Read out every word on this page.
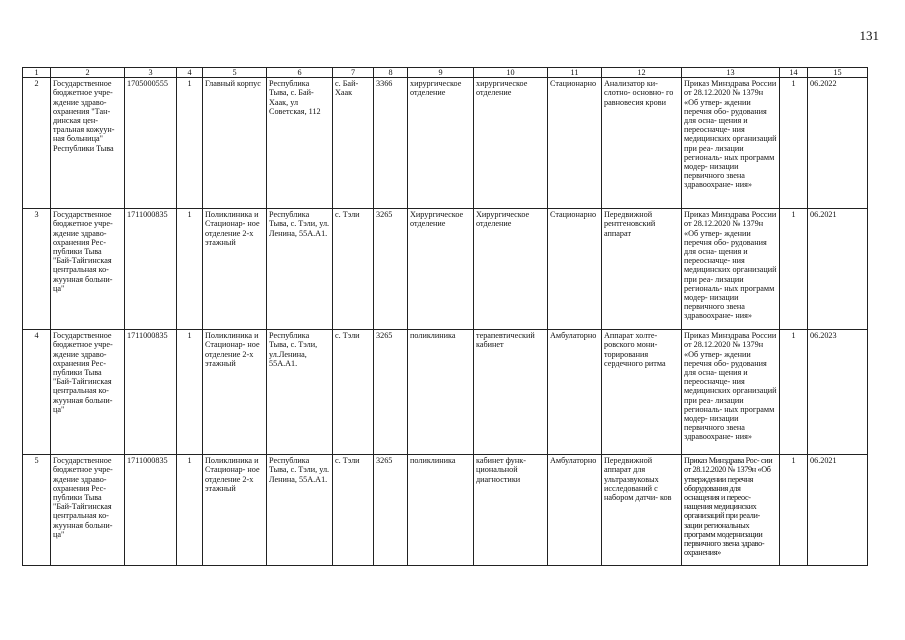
131
1	2	3	4	5	6	7	8	9	10	11	12	13	14	15
2	Государственное бюджетное учре- ждение здраво- охранения "Тан- динская цен- тральная кожуун- ная больница" Республики Тыва	1705000555	1	Главный корпус	Республика Тыва, с. Бай-Хаак, ул Советская, 112	с. Бай-Хаак	3366	хирургическое отделение	хирургическое отделение	Стационарно	Анализатор ки- слотно- основно- го равновесия крови	Приказ Минздрава России от 28.12.2020 № 1379н «Об утвер- ждении перечня обо- рудования для осна- щения и переосначце- ния медицинских организаций при реа- лизации региональ- ных программ модер- низации первичного звена здравоохране- ния»	1	06.2022
3	Государственное бюджетное учре- ждение здраво- охранения Рес- публики Тыва "Бай-Тайгинская центральная ко- жуунная больни- ца"	1711000835	1	Поликлиника и Стационар- ное отделение 2-х этажный	Республика Тыва, с. Тэли, ул. Ленина, 55А.А1.	с. Тэли	3265	Хирургическое отделение	Хирургическое отделение	Стационарно	Передвижной рентгеновский аппарат	Приказ Минздрава России от 28.12.2020 № 1379н «Об утвер- ждении перечня обо- рудования для осна- щения и переосначце- ния медицинских организаций при реа- лизации региональ- ных программ модер- низации первичного звена здравоохране- ния»	1	06.2021
4	Государственное бюджетное учре- ждение здраво- охранения Рес- публики Тыва "Бай-Тайгинская центральная ко- жуунная больни- ца"	1711000835	1	Поликлиника и Стационар- ное отделение 2-х этажный	Республика Тыва, с. Тэли, ул.Ленина, 55А.А1.	с. Тэли	3265	поликлиника	терапевтический кабинет	Амбулаторно	Аппарат холте- ровского мони- торирования сердечного ритма	Приказ Минздрава России от 28.12.2020 № 1379н «Об утвер- ждении перечня обо- рудования для осна- щения и переосначце- ния медицинских организаций при реа- лизации региональ- ных программ модер- низации первичного звена здравоохране- ния»	1	06.2023
5	Государственное бюджетное учре- ждение здраво- охранения Рес- публики Тыва "Бай-Тайгинская центральная ко- жуунная больни- ца"	1711000835	1	Поликлиника и Стационар- ное отделение 2-х этажный	Республика Тыва, с. Тэли, ул. Ленина, 55А.А1.	с. Тэли	3265	поликлиника	кабинет функ- циональной диагностики	Амбулаторно	Передвижной аппарат для ультразвуковых исследований с набором датчи- ков	Приказ Минздрава Рос- сии от 28.12.2020 № 1379н «Об утверждении перечня оборудования для оснащения и переос- нащения медицинских организаций при реали- зации региональных программ модернизации первичного звена здраво- охранения»	1	06.2021
